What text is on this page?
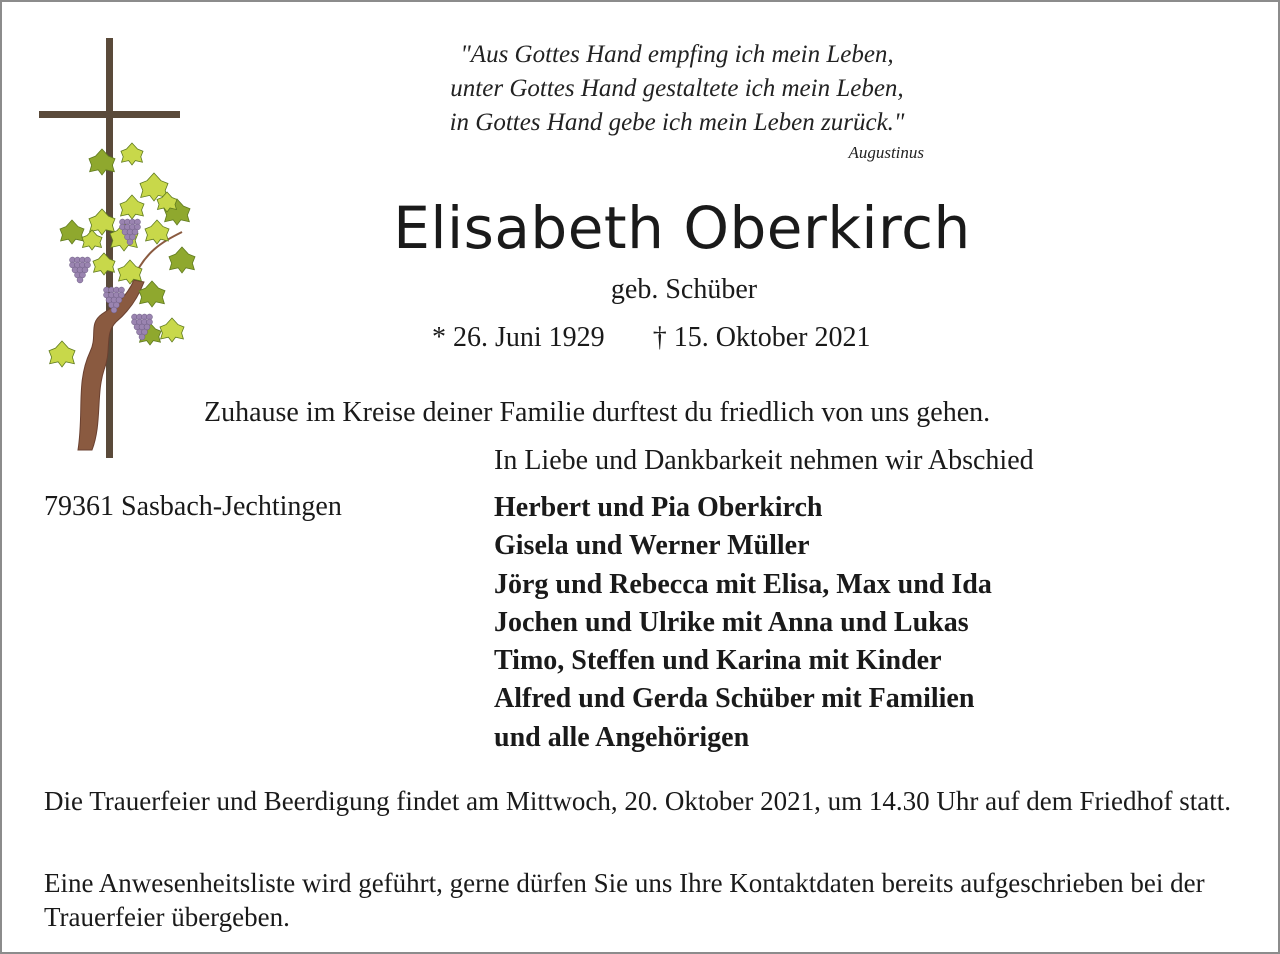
"Aus Gottes Hand empfing ich mein Leben,
unter Gottes Hand gestaltete ich mein Leben,
in Gottes Hand gebe ich mein Leben zurück."
Augustinus
Elisabeth Oberkirch
geb. Schüber
* 26. Juni 1929 † 15. Oktober 2021
Zuhause im Kreise deiner Familie durftest du friedlich von uns gehen.
In Liebe und Dankbarkeit nehmen wir Abschied
79361 Sasbach-Jechtingen	Herbert und Pia Oberkirch
Gisela und Werner Müller
Jörg und Rebecca mit Elisa, Max und Ida
Jochen und Ulrike mit Anna und Lukas
Timo, Steffen und Karina mit Kinder
Alfred und Gerda Schüber mit Familien
und alle Angehörigen
Die Trauerfeier und Beerdigung findet am Mittwoch, 20. Oktober 2021, um 14.30 Uhr auf dem Friedhof statt.
Eine Anwesenheitsliste wird geführt, gerne dürfen Sie uns Ihre Kontaktdaten bereits aufgeschrieben bei der Trauerfeier übergeben.
